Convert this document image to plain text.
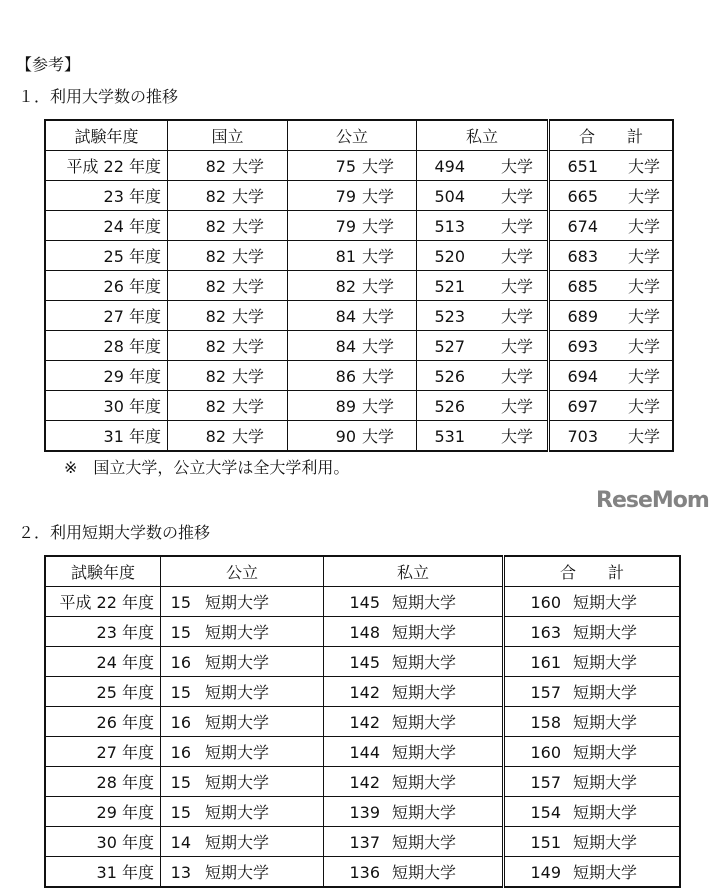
【参考】
１．利用大学数の推移
試験年度	国立	公立	私立	合　　計
平成 22 年度	82 大学	75 大学	494 大学	651 大学
23 年度	82 大学	79 大学	504 大学	665 大学
24 年度	82 大学	79 大学	513 大学	674 大学
25 年度	82 大学	81 大学	520 大学	683 大学
26 年度	82 大学	82 大学	521 大学	685 大学
27 年度	82 大学	84 大学	523 大学	689 大学
28 年度	82 大学	84 大学	527 大学	693 大学
29 年度	82 大学	86 大学	526 大学	694 大学
30 年度	82 大学	89 大学	526 大学	697 大学
31 年度	82 大学	90 大学	531 大学	703 大学
※　国立大学，公立大学は全大学利用。
２．利用短期大学数の推移
試験年度	公立	私立	合　　計
平成 22 年度	15 短期大学	145 短期大学	160 短期大学
23 年度	15 短期大学	148 短期大学	163 短期大学
24 年度	16 短期大学	145 短期大学	161 短期大学
25 年度	15 短期大学	142 短期大学	157 短期大学
26 年度	16 短期大学	142 短期大学	158 短期大学
27 年度	16 短期大学	144 短期大学	160 短期大学
28 年度	15 短期大学	142 短期大学	157 短期大学
29 年度	15 短期大学	139 短期大学	154 短期大学
30 年度	14 短期大学	137 短期大学	151 短期大学
31 年度	13 短期大学	136 短期大学	149 短期大学
ReseMom
